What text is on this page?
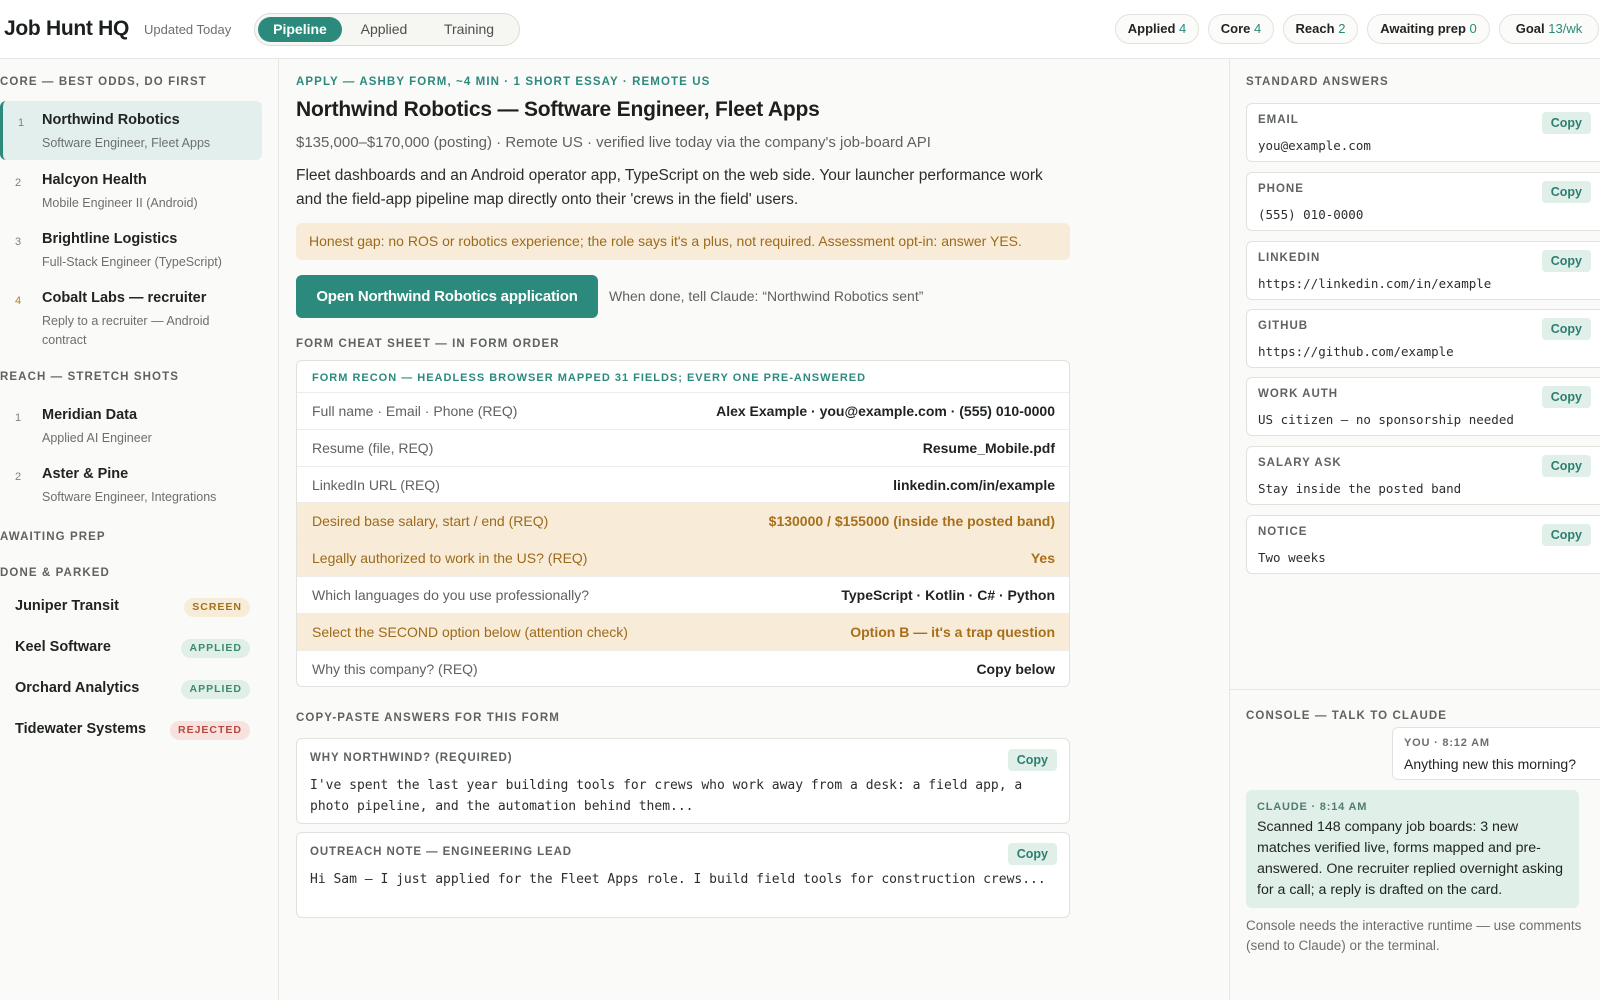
Job Hunt HQ Updated Today	Pipeline	Applied	Training	Applied 4	Core 4	Reach 2	Awaiting prep 0	Goal 13/wk
CORE — BEST ODDS, DO FIRST
1 Northwind Robotics
Software Engineer, Fleet Apps
2 Halcyon Health
Mobile Engineer II (Android)
3 Brightline Logistics
Full-Stack Engineer (TypeScript)
4 Cobalt Labs — recruiter
Reply to a recruiter — Android contract
REACH — STRETCH SHOTS
1 Meridian Data
Applied AI Engineer
2 Aster & Pine
Software Engineer, Integrations
AWAITING PREP
DONE & PARKED
Juniper Transit	SCREEN
Keel Software	APPLIED
Orchard Analytics	APPLIED
Tidewater Systems	REJECTED
APPLY — ASHBY FORM, ~4 MIN · 1 SHORT ESSAY · REMOTE US
Northwind Robotics — Software Engineer, Fleet Apps
$135,000–$170,000 (posting) · Remote US · verified live today via the company's job-board API
Fleet dashboards and an Android operator app, TypeScript on the web side. Your launcher performance work and the field-app pipeline map directly onto their 'crews in the field' users.
Honest gap: no ROS or robotics experience; the role says it's a plus, not required. Assessment opt-in: answer YES.
Open Northwind Robotics application	When done, tell Claude: “Northwind Robotics sent”
FORM CHEAT SHEET — IN FORM ORDER
FORM RECON — HEADLESS BROWSER MAPPED 31 FIELDS; EVERY ONE PRE-ANSWERED
Full name · Email · Phone (REQ)	Alex Example · you@example.com · (555) 010-0000
Resume (file, REQ)	Resume_Mobile.pdf
LinkedIn URL (REQ)	linkedin.com/in/example
Desired base salary, start / end (REQ)	$130000 / $155000 (inside the posted band)
Legally authorized to work in the US? (REQ)	Yes
Which languages do you use professionally?	TypeScript · Kotlin · C# · Python
Select the SECOND option below (attention check)	Option B — it's a trap question
Why this company? (REQ)	Copy below
COPY-PASTE ANSWERS FOR THIS FORM
WHY NORTHWIND? (REQUIRED)	Copy
I've spent the last year building tools for crews who work away from a desk: a field app, a photo pipeline, and the automation behind them...
OUTREACH NOTE — ENGINEERING LEAD	Copy
Hi Sam — I just applied for the Fleet Apps role. I build field tools for construction crews...
STANDARD ANSWERS
EMAIL	Copy
you@example.com
PHONE	Copy
(555) 010-0000
LINKEDIN	Copy
https://linkedin.com/in/example
GITHUB	Copy
https://github.com/example
WORK AUTH	Copy
US citizen — no sponsorship needed
SALARY ASK	Copy
Stay inside the posted band
NOTICE	Copy
Two weeks
CONSOLE — TALK TO CLAUDE
YOU · 8:12 AM
Anything new this morning?
CLAUDE · 8:14 AM
Scanned 148 company job boards: 3 new matches verified live, forms mapped and pre-answered. One recruiter replied overnight asking for a call; a reply is drafted on the card.
Console needs the interactive runtime — use comments (send to Claude) or the terminal.
